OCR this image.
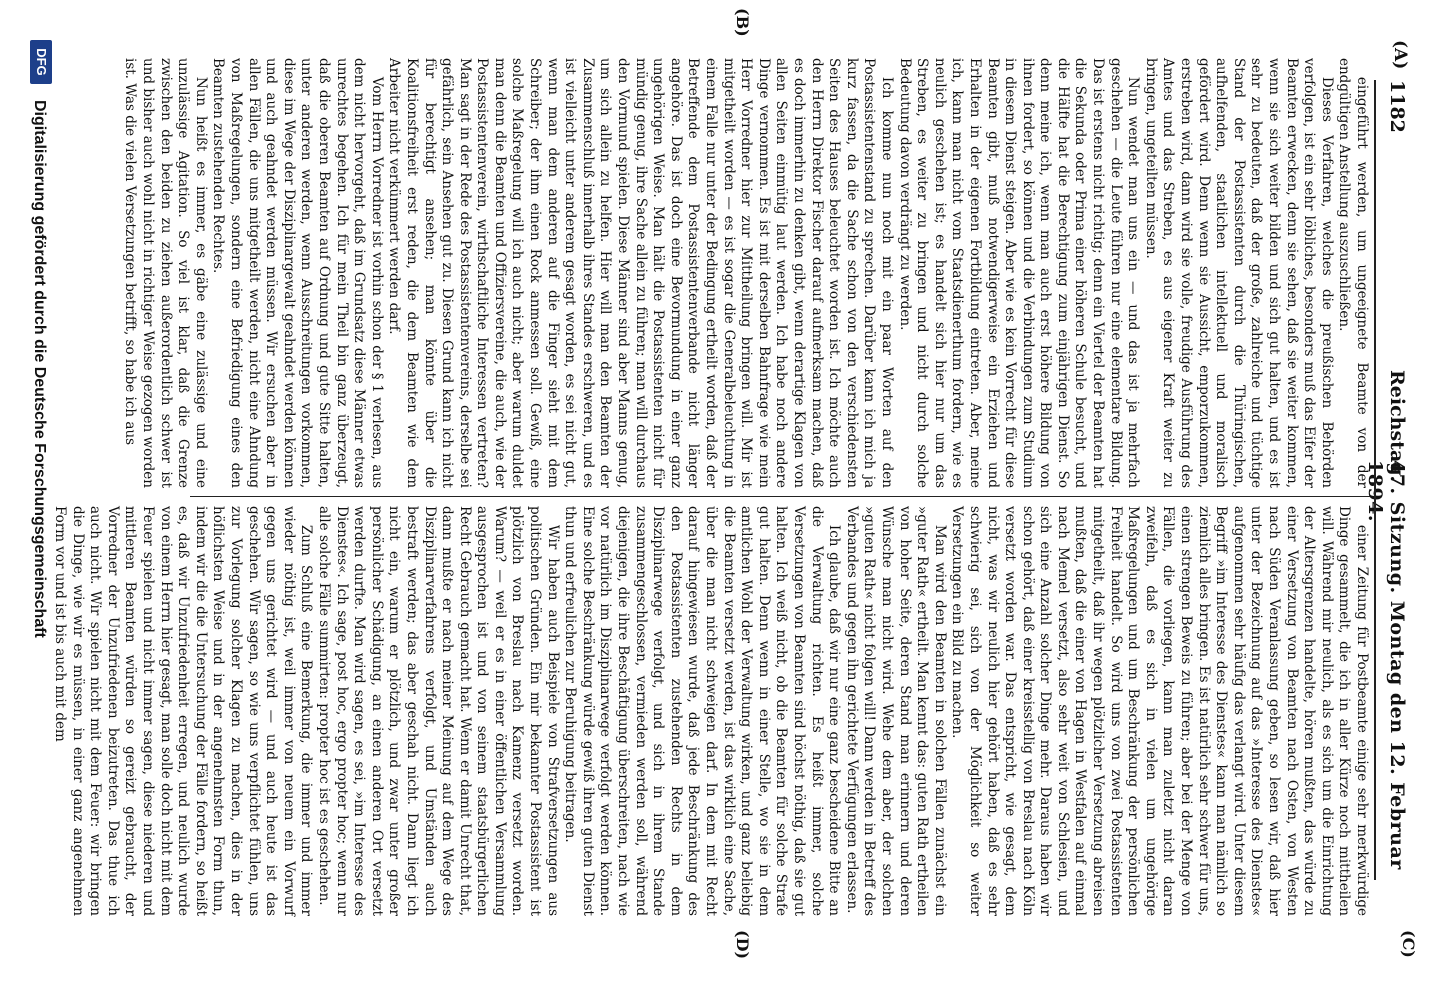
(A)
1182
Reichstag.
47. Sitzung. Montag den 12. Februar 1894.
(B)
(C)
(D)

eingeführt werden, um ungeeignete Beamte von der endgültigen Anstellung auszuschließen.

Dieses Verfahren, welches die preußischen Behörden verfolgen, ist ein sehr löbliches, besonders muß das Eifer der Beamten erwecken, denn sie sehen, daß sie weiter kommen, wenn sie sich weiter bilden und sich gut halten, und es ist sehr zu bedeuten, daß der große, zahlreiche und tüchtige Stand der Postassistenten durch die Thüringischen, aufhelfenden, staatlichen intellektuell und moralisch gefördert wird. Denn wenn sie Aussicht, emporzukommen, erstreben wird, dann wird sie volle, freudige Ausführung des Amtes und das Streben, es aus eigener Kraft weiter zu bringen, ungeteilten müssen.

Nun wendet man uns ein — und das ist ja mehrfach geschehen — die Leute führen nur eine elementare Bildung. Das ist erstens nicht richtig; denn ein Viertel der Beamten hat die Sekunda oder Prima einer höheren Schule besucht, und die Hälfte hat die Berechtigung zum einjährigen Dienst. So denn meine ich, wenn man auch erst höhere Bildung von ihnen fordert, so können und die Verbindungen zum Studium in diesem Dienst steigen. Aber wie es kein Vorrecht für diese Beamten gibt, muß notwendigerweise ein Erziehen und Erhalten in der eigenen Fortbildung eintreten. Aber, meine ich, kann man nicht vom Staatsdienerthum fordern, wie es neulich geschehen ist; es handelt sich hier nur um das Streben, es weiter zu bringen und nicht durch solche Bedeutung davon verdrängt zu werden.

Ich komme nun noch mit ein paar Worten auf den Postassistentenstand zu sprechen. Darüber kann ich mich ja kurz fassen, da die Sache schon von den verschiedensten Seiten des Hauses beleuchtet worden ist. Ich möchte auch den Herrn Direktor Fischer darauf aufmerksam machen, daß es doch immerhin zu denken gibt, wenn derartige Klagen von allen Seiten einmütig laut werden. Ich habe noch andere Dinge vernommen. Es ist mit derselben Bahnfrage wie mein Herr Vorredner hier zur Mittheilung bringen will. Mir ist mitgetheilt worden — es ist sogar die Generalbeleuchtung in einem Falle nur unter der Bedingung ertheilt worden, daß der Betreffende dem Postassistentenverbande nicht länger angehöre. Das ist doch eine Bevormundung in einer ganz ungehörigen Weise. Man hält die Postassistenten nicht für mündig genug, ihre Sache allein zu führen; man will durchaus den Vormund spielen. Diese Männer sind aber Manns genug, um sich allein zu helfen. Hier will man den Beamten der Zusammenschluß innerhalb ihres Standes erschweren, und es ist vielleicht unter anderem gesagt worden, es sei nicht gut, wenn man dem anderen auf die Finger sieht mit dem Schreiber; der ihm einen Rock anmessen soll. Gewiß, eine solche Maßregelung will ich auch nicht; aber warum duldet man denn die Beamten und Offiziersvereine, die auch, wie der Postassistentenverein, wirthschaftliche Interessen vertreten? Man sagt in der Rede des Postassistentenvereins, derselbe sei gefährlich, sein Ansehen gut zu. Diesen Grund kann ich nicht für berechtigt ansehen; man könnte über die Koalitionsfreiheit erst reden, die dem Beamten wie dem Arbeiter nicht verkümmert werden darf.

Vom Herrn Vorredner ist vorhin schon der § 1 verlesen, aus dem nicht hervorgeht, daß im Grundsatz diese Männer etwas unrechtes begehen. Ich für mein Theil bin ganz überzeugt, daß die oberen Beamten auf Ordnung und gute Sitte halten, unter anderen werden, wenn Ausschreitungen vorkommen, diese im Wege der Disziplinargewalt geahndet werden können und auch geahndet werden müssen. Wir ersuchen aber in allen Fällen, die uns mitgetheilt werden, nicht eine Ahndung von Maßregelungen, sondern eine Befriedigung eines den Beamten zustehenden Rechtes.

Nun heißt es immer, es gäbe eine zulässige und eine unzulässige Agitation. So viel ist klar, daß die Grenze zwischen den beiden zu ziehen außerordentlich schwer ist und bisher auch wohl nicht in richtiger Weise gezogen worden ist. Was die vielen Versetzungen betrifft, so habe ich aus

einer Zeitung für Postbeamte einige sehr merkwürdige Dinge gesammelt, die ich in aller Kürze noch mittheilen will. Während mir neulich, als es sich um die Einrichtung der Altersgrenzen handelte, hören mußten, das würde zu einer Versetzung von Beamten nach Osten, von Westen nach Süden Veranlassung geben, so lesen wir, daß hier unter der Bezeichnung auf das »Interesse des Dienstes« aufgenommen sehr häufig das verlangt wird. Unter diesem Begriff »im Interesse des Dienstes« kann man nämlich so ziemlich alles bringen. Es ist natürlich sehr schwer für uns, einen strengen Beweis zu führen; aber bei der Menge von Fällen, die vorliegen, kann man zuletzt nicht daran zweifeln, daß es sich in vielen um ungehörige Maßregelungen und um Beschränkung der persönlichen Freiheit handelt. So wird uns von zwei Postassistenten mitgetheilt, daß ihr wegen plötzlicher Versetzung abreisen mußten, daß die einer von Hagen in Westfalen auf einmal nach Memel versetzt, also sehr weit von Schlesien, und sich eine Anzahl solcher Dinge mehr. Daraus haben wir schon gehört, daß einer kreisstellig von Breslau nach Köln versetzt worden war. Das entspricht, wie gesagt, dem nicht, was wir neulich hier gehört haben, daß es sehr schwierig sei, sich von der Möglichkeit so weiter Versetzungen ein Bild zu machen.

Man wird den Beamten in solchen Fällen zunächst ein »guter Rath« ertheilt. Man kennt das: guten Rath ertheilen von hoher Seite, deren Stand man erinnern und deren Wünsche man nicht wird. Wehe dem aber, der solchen »guten Rath« nicht folgen will! Dann werden in Betreff des Verbandes und gegen ihn gerichtete Verfügungen erlassen.

Ich glaube, daß wir nur eine ganz bescheidene Bitte an die Verwaltung richten. Es heißt immer, solche Versetzungen von Beamten sind höchst nöthig, daß sie gut halten. Ich weiß nicht, ob die Beamten für solche Strafe gut halten. Denn wenn in einer Stelle, wo sie in dem amtlichen Wohl der Verwaltung wirken, und ganz beliebig die Beamten versetzt werden, ist das wirklich eine Sache, über die man nicht schweigen darf. In dem mit Recht darauf hingewiesen wurde, daß jede Beschränkung des den Postassistenten zustehenden Rechts in dem Disziplinarwege verfolgt, und sich in ihrem Stande zusammengeschlossen, vermieden werden soll, während diejenigen, die ihre Beschäftigung überschreiten, nach wie vor natürlich im Disziplinarwege verfolgt werden können. Eine solche Beschränkung würde gewiß ihren guten Dienst thun und erfreulichen zur Beruhigung beitragen.

Wir haben auch Beispiele von Strafversetzungen aus politischen Gründen. Ein mir bekannter Postassistent ist plötzlich von Breslau nach Kamenz versetzt worden. Warum? — weil er es in einer öffentlichen Versammlung ausgesprochen ist und von seinem staatsbürgerlichen Recht Gebrauch gemacht hat. Wenn er damit Unrecht that, dann mußte er nach meiner Meinung auf dem Wege des Disziplinarverfahrens verfolgt, und Umständen auch bestraft werden; das aber geschah nicht. Dann liegt ich nicht ein, warum er plötzlich, und zwar unter großer persönlicher Schädigung, an einen anderen Ort versetzt werden durfte. Man wird sagen, es sei, »im Interesse des Dienstes«. Ich sage, post hoc, ergo propter hoc; wenn nur alle solche Fälle summirten: propter hoc ist es geschehen.

Zum Schluß eine Bemerkung, die immer und immer wieder nöthig ist, weil immer von neuem ein Vorwurf gegen uns gerichtet wird — und auch heute ist das geschehen. Wir sagen, so wie uns verpflichtet fühlen, uns zur Vorlegung solcher Klagen zu machen, dies in der höflichsten Weise und in der angenehmsten Form thun, indem wir die die Untersuchung der Fälle fordern, so heißt es, daß wir Unzufriedenheit erregen, und neulich wurde von einem Herrn hier gesagt, man solle doch nicht mit dem Feuer spielen und nicht immer sagen, diese niederen und mittleren Beamten würden so gereizt gebraucht, der Vorredner der Unzufriedenen beizutreten. Das thue ich auch nicht. Wir spielen nicht mit dem Feuer: wir bringen die Dinge, wie wir es müssen, in einer ganz angenehmen Form vor und ist bis auch mit dem

DFG
Digitalisierung gefördert durch die Deutsche Forschungsgemeinschaft
